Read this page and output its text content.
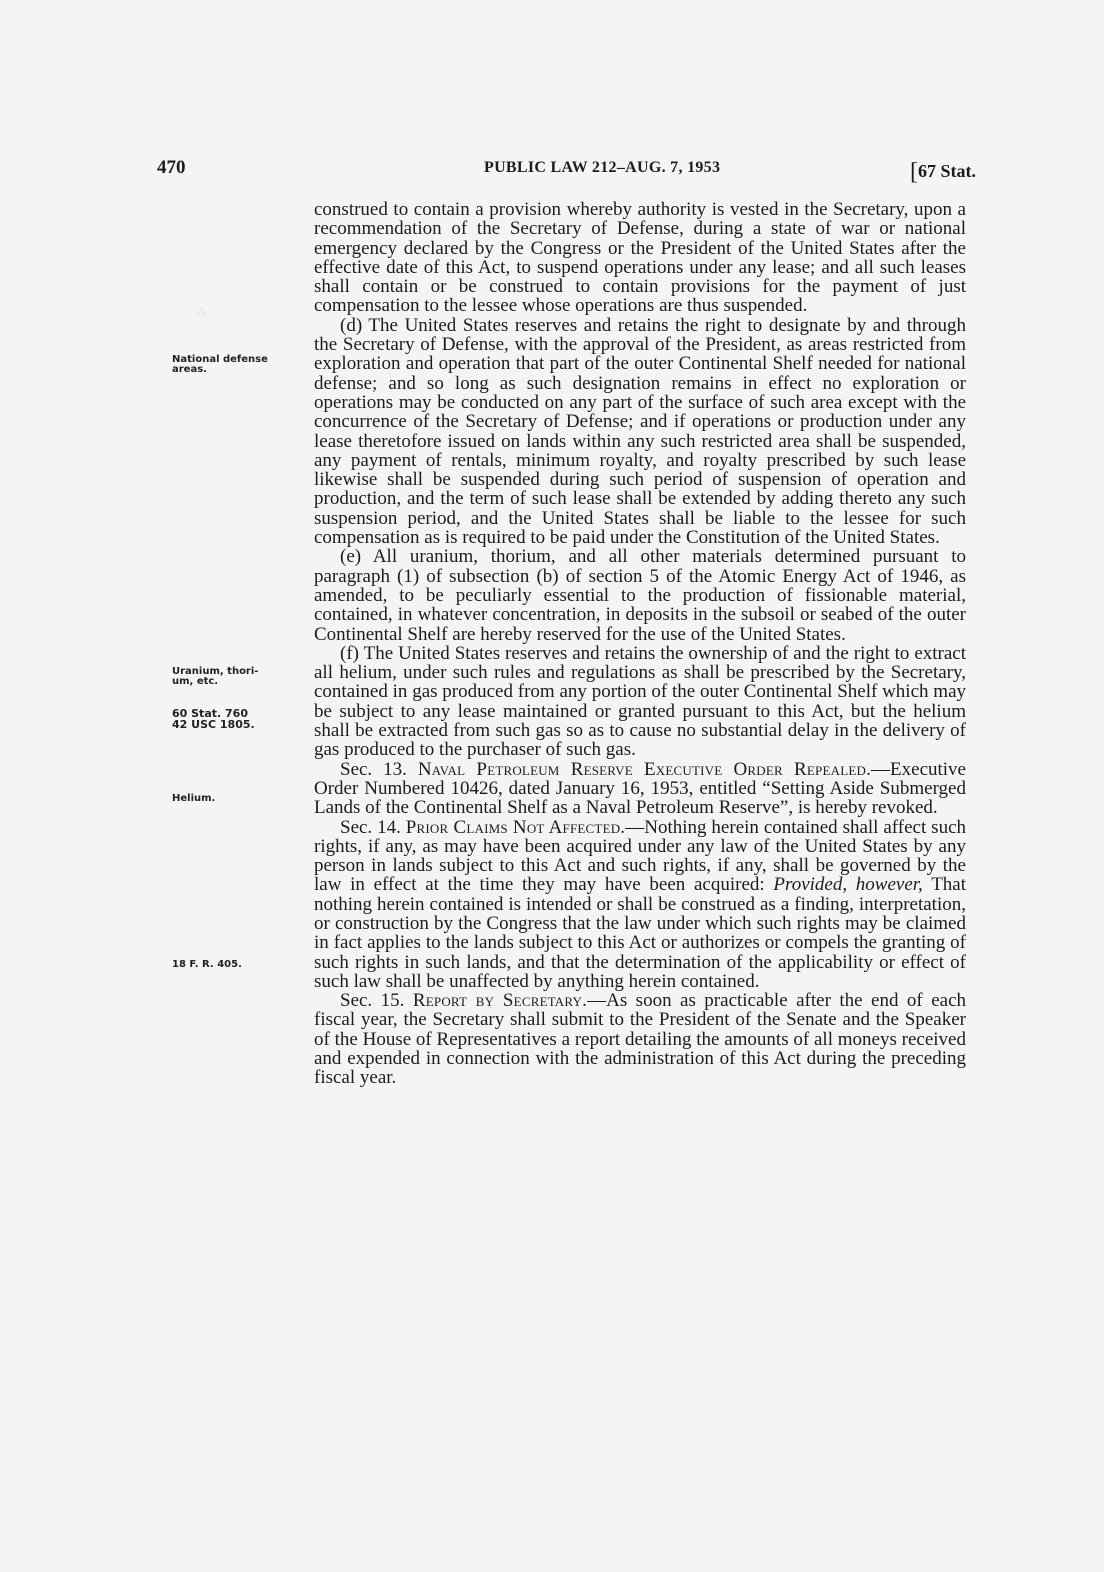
470	PUBLIC LAW 212–AUG. 7, 1953	[67 Stat.
⁂
National defense
areas.
Uranium, thori-
um, etc.
60 Stat. 760
42 USC 1805.
Helium.
18 F. R. 405.

construed to contain a provision whereby authority is vested in the Secretary, upon a recommendation of the Secretary of Defense, during a state of war or national emergency declared by the Congress or the President of the United States after the effective date of this Act, to suspend operations under any lease; and all such leases shall contain or be construed to contain provisions for the payment of just compensation to the lessee whose operations are thus suspended.

(d) The United States reserves and retains the right to designate by and through the Secretary of Defense, with the approval of the President, as areas restricted from exploration and operation that part of the outer Continental Shelf needed for national defense; and so long as such designation remains in effect no exploration or operations may be conducted on any part of the surface of such area except with the concurrence of the Secretary of Defense; and if operations or production under any lease theretofore issued on lands within any such restricted area shall be suspended, any payment of rentals, minimum royalty, and royalty prescribed by such lease likewise shall be suspended during such period of suspension of operation and production, and the term of such lease shall be extended by adding thereto any such suspension period, and the United States shall be liable to the lessee for such compensation as is required to be paid under the Constitution of the United States.

(e) All uranium, thorium, and all other materials determined pursuant to paragraph (1) of subsection (b) of section 5 of the Atomic Energy Act of 1946, as amended, to be peculiarly essential to the production of fissionable material, contained, in whatever concentration, in deposits in the subsoil or seabed of the outer Continental Shelf are hereby reserved for the use of the United States.

(f) The United States reserves and retains the ownership of and the right to extract all helium, under such rules and regulations as shall be prescribed by the Secretary, contained in gas produced from any portion of the outer Continental Shelf which may be subject to any lease maintained or granted pursuant to this Act, but the helium shall be extracted from such gas so as to cause no substantial delay in the delivery of gas produced to the purchaser of such gas.

Sec. 13. Naval Petroleum Reserve Executive Order Repealed.—Executive Order Numbered 10426, dated January 16, 1953, entitled “Setting Aside Submerged Lands of the Continental Shelf as a Naval Petroleum Reserve”, is hereby revoked.

Sec. 14. Prior Claims Not Affected.—Nothing herein contained shall affect such rights, if any, as may have been acquired under any law of the United States by any person in lands subject to this Act and such rights, if any, shall be governed by the law in effect at the time they may have been acquired: Provided, however, That nothing herein contained is intended or shall be construed as a finding, interpretation, or construction by the Congress that the law under which such rights may be claimed in fact applies to the lands subject to this Act or authorizes or compels the granting of such rights in such lands, and that the determination of the applicability or effect of such law shall be unaffected by anything herein contained.

Sec. 15. Report by Secretary.—As soon as practicable after the end of each fiscal year, the Secretary shall submit to the President of the Senate and the Speaker of the House of Representatives a report detailing the amounts of all moneys received and expended in connection with the administration of this Act during the preceding fiscal year.
